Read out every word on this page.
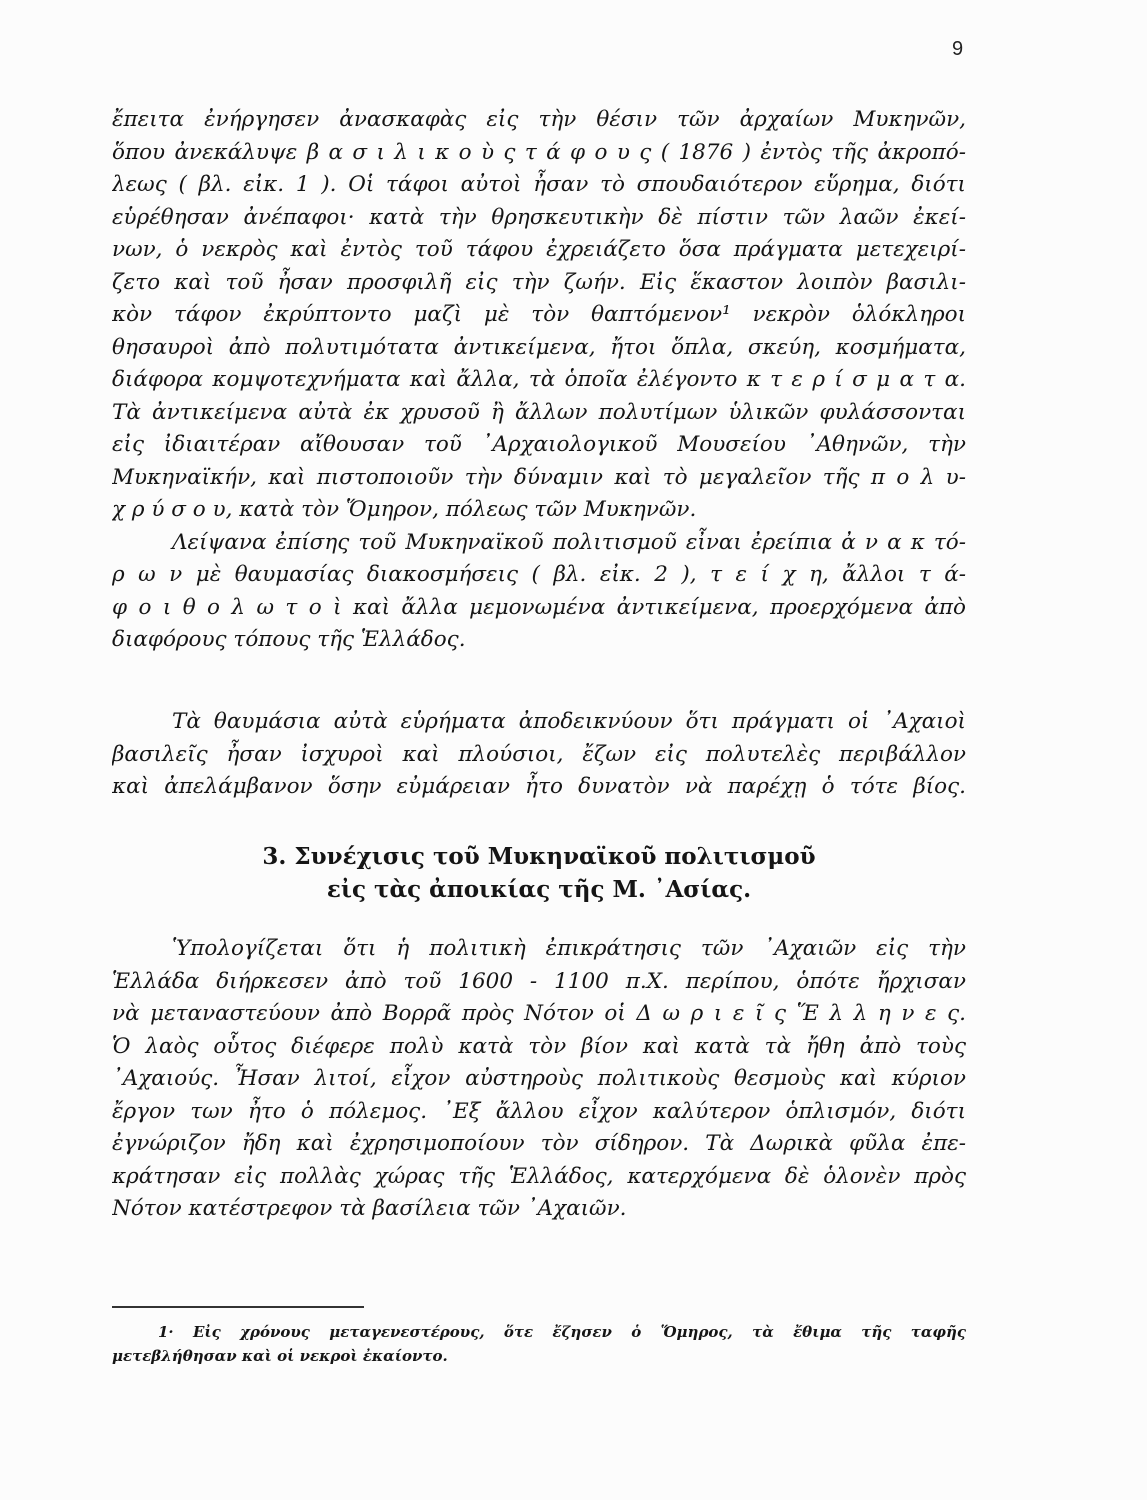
9
ἔπειτα ἐνήργησεν ἀνασκαφὰς εἰς τὴν θέσιν τῶν ἀρχαίων Μυκηνῶν,
ὅπου ἀνεκάλυψε β α σ ι λ ι κ ο ὺ ς τ ά φ ο υ ς ( 1876 ) ἐντὸς τῆς ἀκροπό-
λεως ( βλ. εἰκ. 1 ). Οἱ τάφοι αὐτοὶ ἦσαν τὸ σπουδαιότερον εὕρημα, διότι
εὑρέθησαν ἀνέπαφοι· κατὰ τὴν θρησκευτικὴν δὲ πίστιν τῶν λαῶν ἐκεί-
νων, ὁ νεκρὸς καὶ ἐντὸς τοῦ τάφου ἐχρειάζετο ὅσα πράγματα μετεχειρί-
ζετο καὶ τοῦ ἦσαν προσφιλῆ εἰς τὴν ζωήν. Εἰς ἕκαστον λοιπὸν βασιλι-
κὸν τάφον ἐκρύπτοντο μαζὶ μὲ τὸν θαπτόμενον¹ νεκρὸν ὁλόκληροι
θησαυροὶ ἀπὸ πολυτιμότατα ἀντικείμενα, ἤτοι ὅπλα, σκεύη, κοσμήματα,
διάφορα κομψοτεχνήματα καὶ ἄλλα, τὰ ὁποῖα ἐλέγοντο κ τ ε ρ ί σ μ α τ α.
Τὰ ἀντικείμενα αὐτὰ ἐκ χρυσοῦ ἢ ἄλλων πολυτίμων ὑλικῶν φυλάσσονται
εἰς ἰδιαιτέραν αἴθουσαν τοῦ ᾿Αρχαιολογικοῦ Μουσείου ᾿Αθηνῶν, τὴν
Μυκηναϊκήν, καὶ πιστοποιοῦν τὴν δύναμιν καὶ τὸ μεγαλεῖον τῆς π ο λ υ-
χ ρ ύ σ ο υ, κατὰ τὸν Ὅμηρον, πόλεως τῶν Μυκηνῶν.
Λείψανα ἐπίσης τοῦ Μυκηναϊκοῦ πολιτισμοῦ εἶναι ἐρείπια ἀ ν α κ τό-
ρ ω ν μὲ θαυμασίας διακοσμήσεις ( βλ. εἰκ. 2 ), τ ε ί χ η, ἄλλοι τ ά-
φ ο ι θ ο λ ω τ ο ὶ καὶ ἄλλα μεμονωμένα ἀντικείμενα, προερχόμενα ἀπὸ
διαφόρους τόπους τῆς Ἑλλάδος.
Τὰ θαυμάσια αὐτὰ εὑρήματα ἀποδεικνύουν ὅτι πράγματι οἱ ᾿Αχαιοὶ
βασιλεῖς ἦσαν ἰσχυροὶ καὶ πλούσιοι, ἔζων εἰς πολυτελὲς περιβάλλον
καὶ ἀπελάμβανον ὅσην εὐμάρειαν ἦτο δυνατὸν νὰ παρέχῃ ὁ τότε βίος.
3. Συνέχισις τοῦ Μυκηναϊκοῦ πολιτισμοῦ
εἰς τὰς ἀποικίας τῆς Μ. ᾿Ασίας.
Ὑπολογίζεται ὅτι ἡ πολιτικὴ ἐπικράτησις τῶν ᾿Αχαιῶν εἰς τὴν
Ἑλλάδα διήρκεσεν ἀπὸ τοῦ 1600 - 1100 π.Χ. περίπου, ὁπότε ἤρχισαν
νὰ μεταναστεύουν ἀπὸ Βορρᾶ πρὸς Νότον οἱ Δ ω ρ ι ε ῖ ς Ἕ λ λ η ν ε ς.
Ὁ λαὸς οὗτος διέφερε πολὺ κατὰ τὸν βίον καὶ κατὰ τὰ ἤθη ἀπὸ τοὺς
᾿Αχαιούς. Ἦσαν λιτοί, εἶχον αὐστηροὺς πολιτικοὺς θεσμοὺς καὶ κύριον
ἔργον των ἦτο ὁ πόλεμος. ᾿Εξ ἄλλου εἶχον καλύτερον ὁπλισμόν, διότι
ἐγνώριζον ἤδη καὶ ἐχρησιμοποίουν τὸν σίδηρον. Τὰ Δωρικὰ φῦλα ἐπε-
κράτησαν εἰς πολλὰς χώρας τῆς Ἑλλάδος, κατερχόμενα δὲ ὁλονὲν πρὸς
Νότον κατέστρεφον τὰ βασίλεια τῶν ᾿Αχαιῶν.
1· Εἰς χρόνους μεταγενεστέρους, ὅτε ἔζησεν ὁ Ὅμηρος, τὰ ἔθιμα τῆς ταφῆς
μετεβλήθησαν καὶ οἱ νεκροὶ ἐκαίοντο.
